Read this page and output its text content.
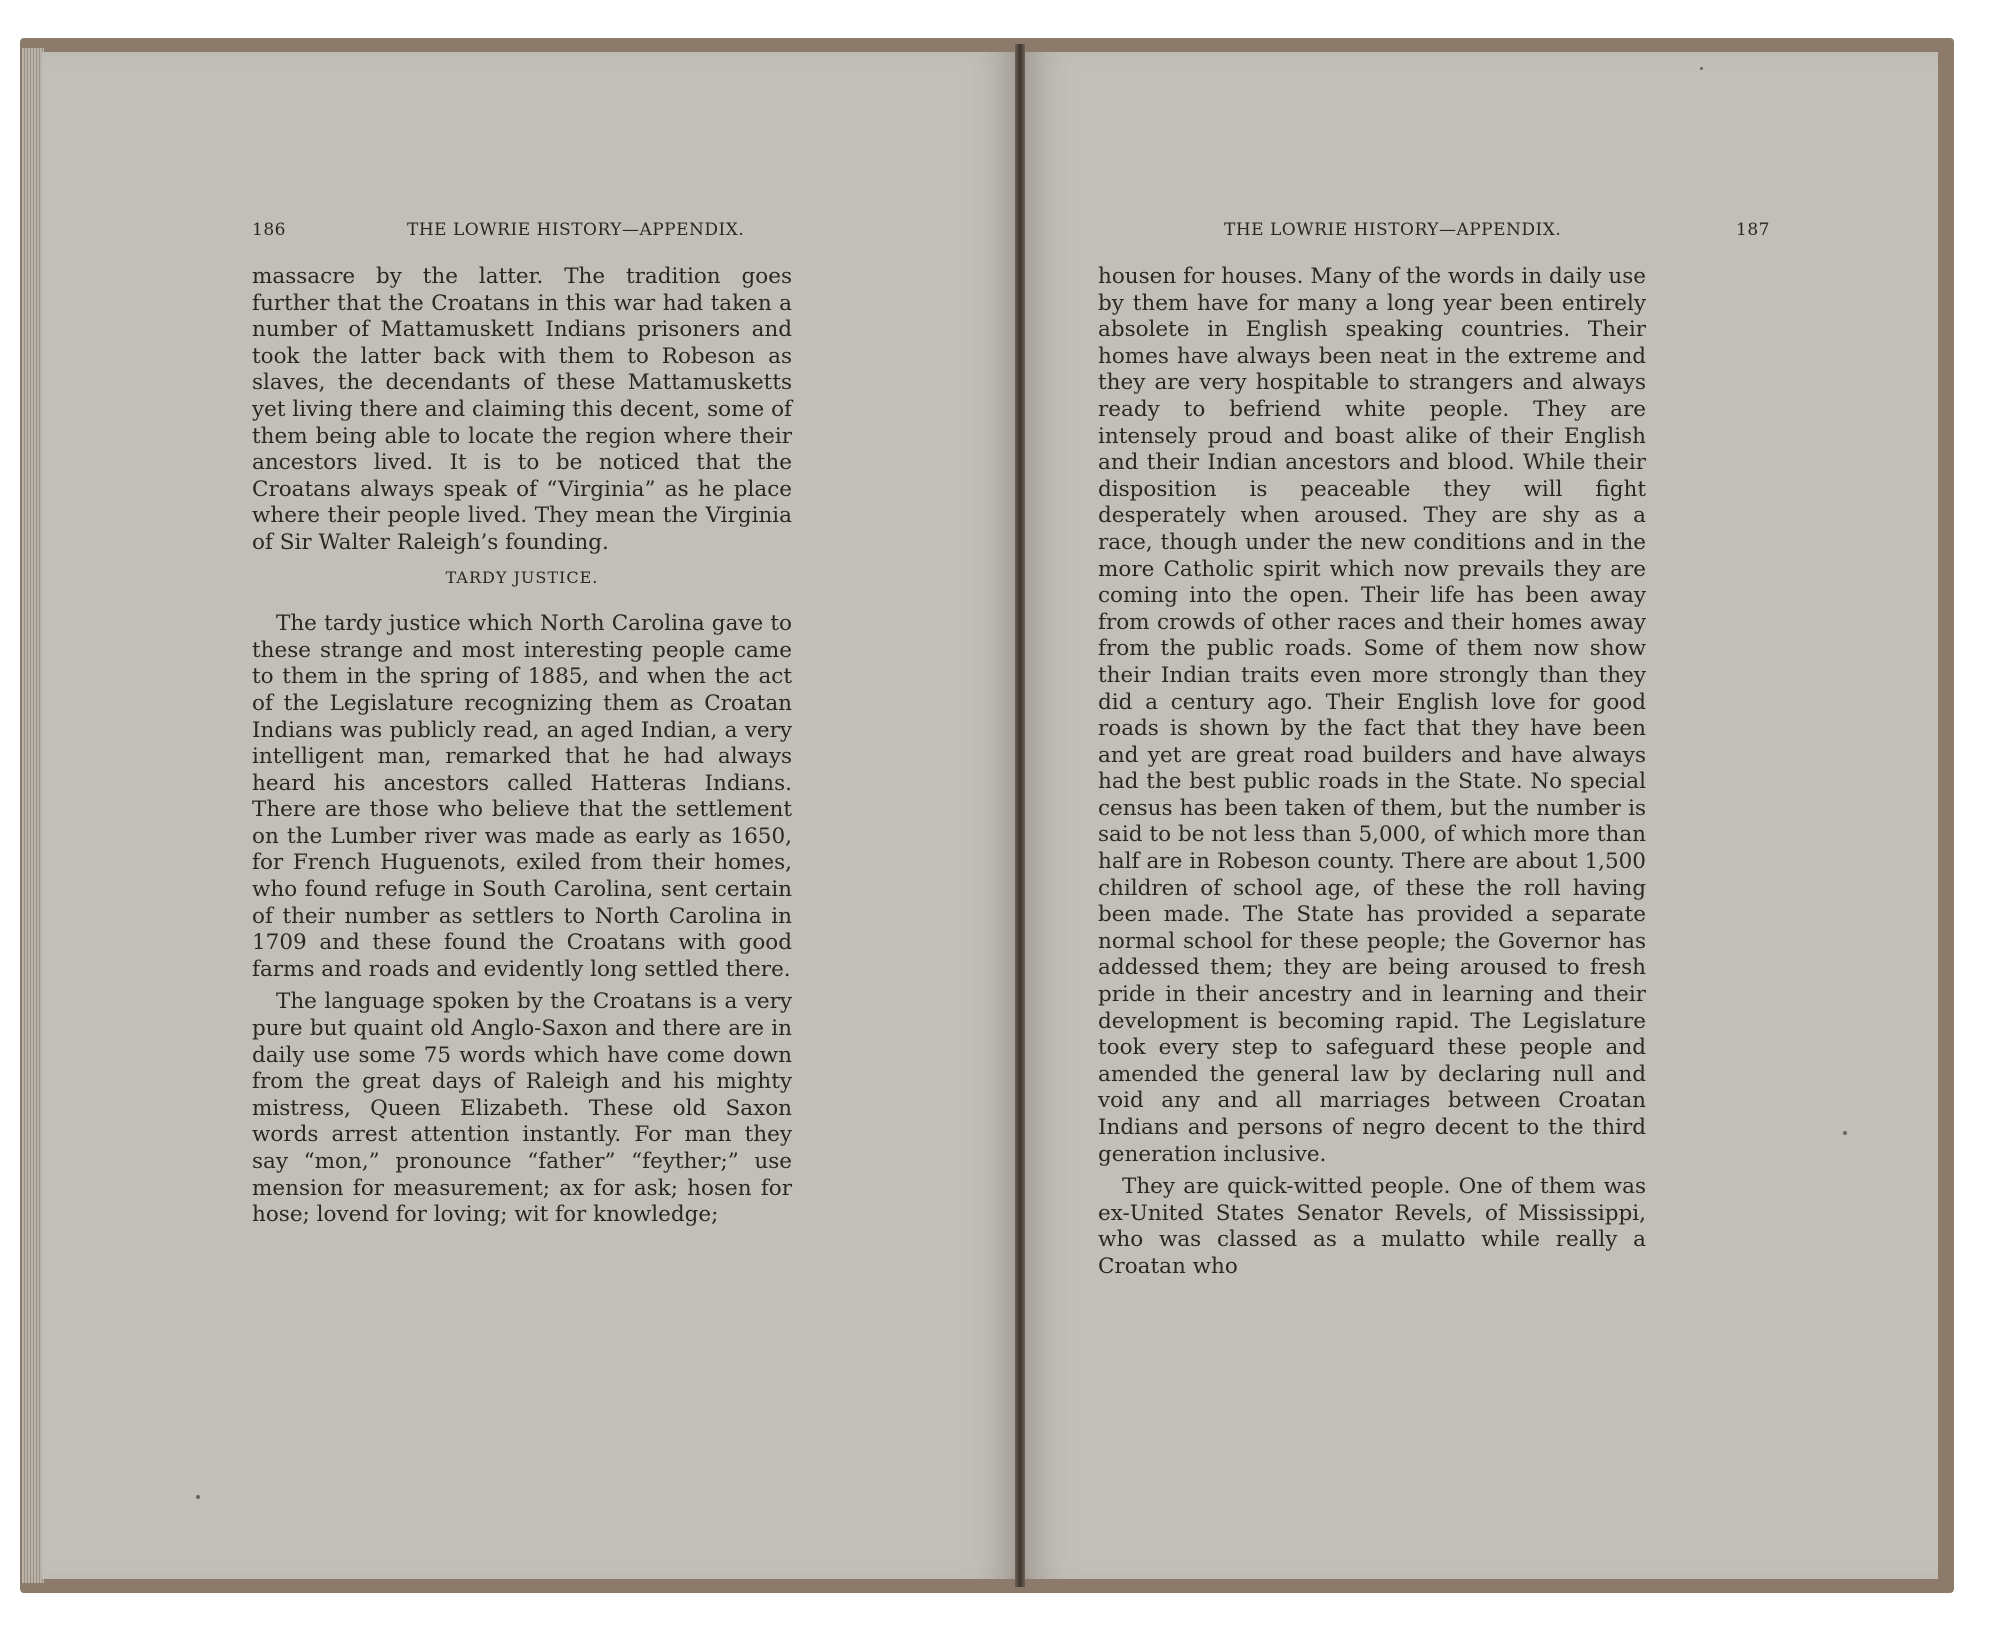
186	THE LOWRIE HISTORY—APPENDIX.

massacre by the latter. The tradition goes further that the Croatans in this war had taken a number of Mattamuskett Indians prisoners and took the latter back with them to Robeson as slaves, the decendants of these Mattamusketts yet living there and claiming this decent, some of them being able to locate the region where their ancestors lived. It is to be noticed that the Croatans always speak of “Virginia” as he place where their people lived. They mean the Virginia of Sir Walter Raleigh’s founding.

TARDY JUSTICE.

The tardy justice which North Carolina gave to these strange and most interesting people came to them in the spring of 1885, and when the act of the Legislature recognizing them as Croatan Indians was publicly read, an aged Indian, a very intelligent man, remarked that he had always heard his ancestors called Hatteras Indians. There are those who believe that the settlement on the Lumber river was made as early as 1650, for French Huguenots, exiled from their homes, who found refuge in South Carolina, sent certain of their number as settlers to North Carolina in 1709 and these found the Croatans with good farms and roads and evidently long settled there.

The language spoken by the Croatans is a very pure but quaint old Anglo-Saxon and there are in daily use some 75 words which have come down from the great days of Raleigh and his mighty mistress, Queen Elizabeth. These old Saxon words arrest attention instantly. For man they say “mon,” pronounce “father” “feyther;” use mension for measurement; ax for ask; hosen for hose; lovend for loving; wit for knowledge;

THE LOWRIE HISTORY—APPENDIX.	187

housen for houses. Many of the words in daily use by them have for many a long year been entirely absolete in English speaking countries. Their homes have always been neat in the extreme and they are very hospitable to strangers and always ready to befriend white people. They are intensely proud and boast alike of their English and their Indian ancestors and blood. While their disposition is peaceable they will fight desperately when aroused. They are shy as a race, though under the new conditions and in the more Catholic spirit which now prevails they are coming into the open. Their life has been away from crowds of other races and their homes away from the public roads. Some of them now show their Indian traits even more strongly than they did a century ago. Their English love for good roads is shown by the fact that they have been and yet are great road builders and have always had the best public roads in the State. No special census has been taken of them, but the number is said to be not less than 5,000, of which more than half are in Robeson county. There are about 1,500 children of school age, of these the roll having been made. The State has provided a separate normal school for these people; the Governor has addessed them; they are being aroused to fresh pride in their ancestry and in learning and their development is becoming rapid. The Legislature took every step to safeguard these people and amended the general law by declaring null and void any and all marriages between Croatan Indians and persons of negro decent to the third generation inclusive.

They are quick-witted people. One of them was ex-United States Senator Revels, of Mississippi, who was classed as a mulatto while really a Croatan who
